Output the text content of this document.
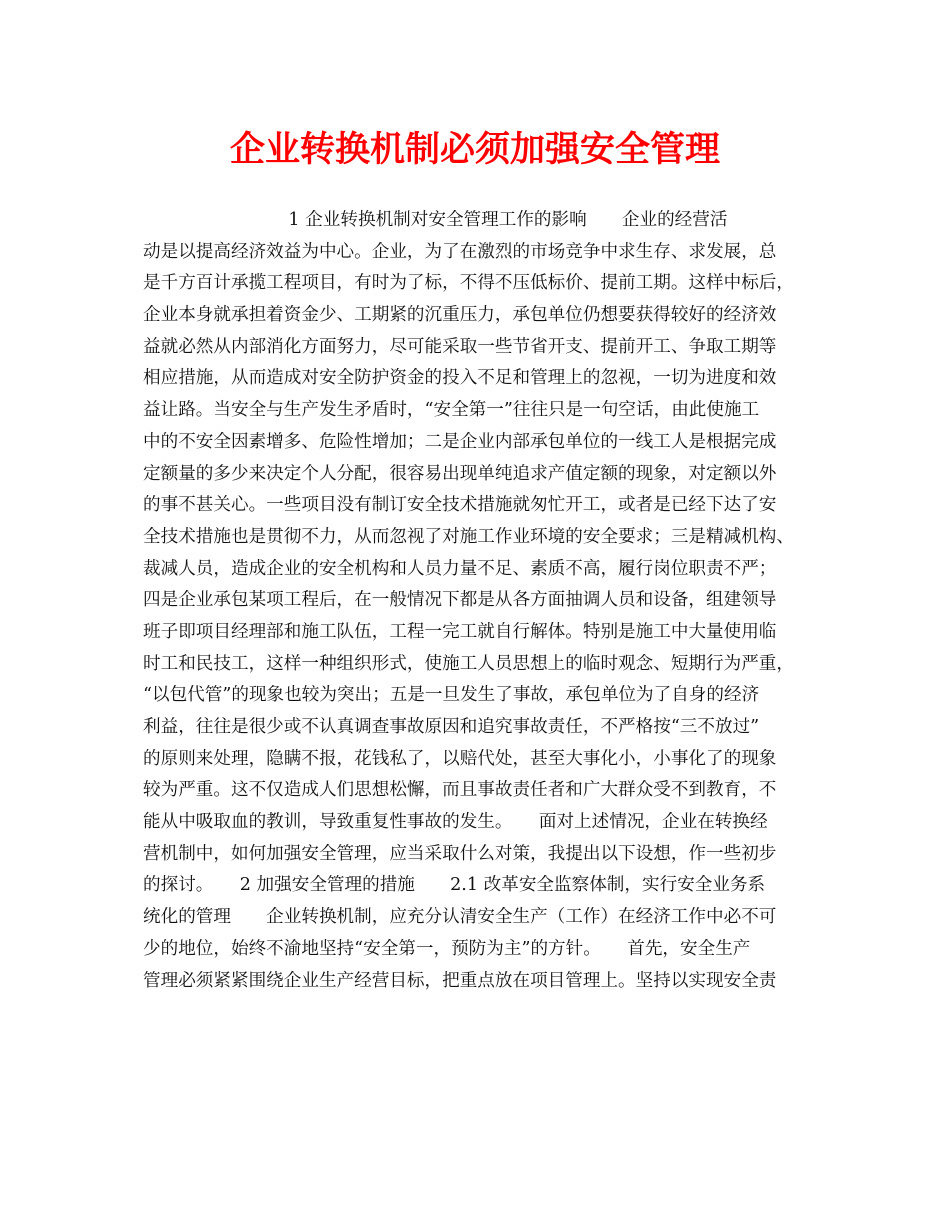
企业转换机制必须加强安全管理
1 企业转换机制对安全管理工作的影响　　企业的经营活
动是以提高经济效益为中心。企业，为了在激烈的市场竞争中求生存、求发展，总
是千方百计承揽工程项目，有时为了标，不得不压低标价、提前工期。这样中标后，
企业本身就承担着资金少、工期紧的沉重压力，承包单位仍想要获得较好的经济效
益就必然从内部消化方面努力，尽可能采取一些节省开支、提前开工、争取工期等
相应措施，从而造成对安全防护资金的投入不足和管理上的忽视，一切为进度和效
益让路。当安全与生产发生矛盾时，“安全第一”往往只是一句空话，由此使施工
中的不安全因素增多、危险性增加；二是企业内部承包单位的一线工人是根据完成
定额量的多少来决定个人分配，很容易出现单纯追求产值定额的现象，对定额以外
的事不甚关心。一些项目没有制订安全技术措施就匆忙开工，或者是已经下达了安
全技术措施也是贯彻不力，从而忽视了对施工作业环境的安全要求；三是精减机构、
裁减人员，造成企业的安全机构和人员力量不足、素质不高，履行岗位职责不严；
四是企业承包某项工程后，在一般情况下都是从各方面抽调人员和设备，组建领导
班子即项目经理部和施工队伍，工程一完工就自行解体。特别是施工中大量使用临
时工和民技工，这样一种组织形式，使施工人员思想上的临时观念、短期行为严重，
“以包代管”的现象也较为突出；五是一旦发生了事故，承包单位为了自身的经济
利益，往往是很少或不认真调查事故原因和追究事故责任，不严格按“三不放过”
的原则来处理，隐瞒不报，花钱私了，以赔代处，甚至大事化小，小事化了的现象
较为严重。这不仅造成人们思想松懈，而且事故责任者和广大群众受不到教育，不
能从中吸取血的教训，导致重复性事故的发生。　　面对上述情况，企业在转换经
营机制中，如何加强安全管理，应当采取什么对策，我提出以下设想，作一些初步
的探讨。　　2 加强安全管理的措施　　2.1 改革安全监察体制，实行安全业务系
统化的管理　　企业转换机制，应充分认清安全生产（工作）在经济工作中必不可
少的地位，始终不渝地坚持“安全第一，预防为主”的方针。　　首先，安全生产
管理必须紧紧围绕企业生产经营目标，把重点放在项目管理上。坚持以实现安全责
